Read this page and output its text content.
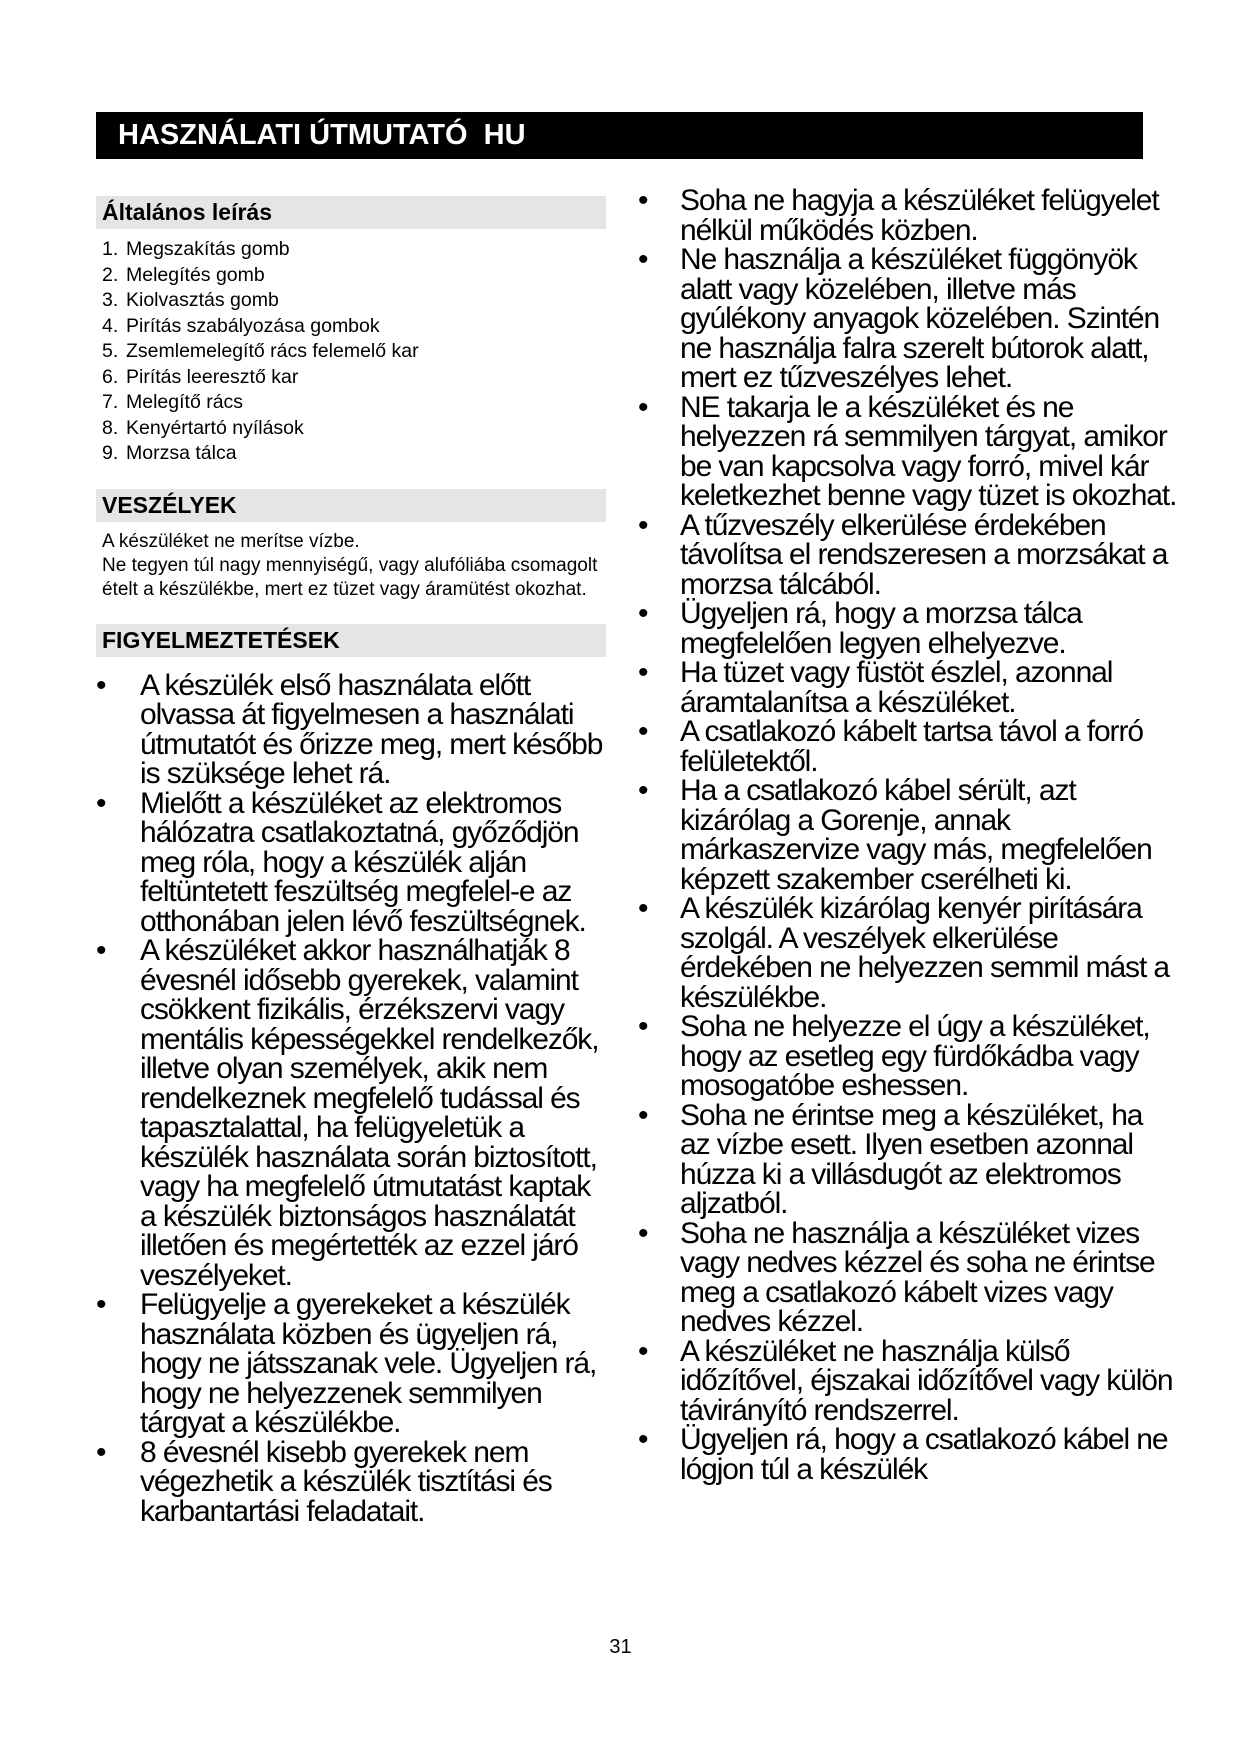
HASZNÁLATI ÚTMUTATÓ  HU
Általános leírás
1. Megszakítás gomb
2. Melegítés gomb
3. Kiolvasztás gomb
4. Pirítás szabályozása gombok
5. Zsemlemelegítő rács felemelő kar
6. Pirítás leeresztő kar
7. Melegítő rács
8. Kenyértartó nyílások
9. Morzsa tálca
VESZÉLYEK

A készüléket ne merítse vízbe.

Ne tegyen túl nagy mennyiségű, vagy alufóliába csomagolt ételt a készülékbe, mert ez tüzet vagy áramütést okozhat.

FIGYELMEZTETÉSEK
•	A készülék első használata előtt olvassa át figyelmesen a használati útmutatót és őrizze meg, mert később is szüksége lehet rá.
•	Mielőtt a készüléket az elektromos hálózatra csatlakoztatná, győződjön meg róla, hogy a készülék alján feltüntetett feszültség megfelel-e az otthonában jelen lévő feszültségnek.
•	A készüléket akkor használhatják 8 évesnél idősebb gyerekek, valamint csökkent fizikális, érzékszervi vagy mentális képességekkel rendelkezők, illetve olyan személyek, akik nem rendelkeznek megfelelő tudással és tapasztalattal, ha felügyeletük a készülék használata során biztosított, vagy ha megfelelő útmutatást kaptak a készülék biztonságos használatát illetően és megértették az ezzel járó veszélyeket.
•	Felügyelje a gyerekeket a készülék használata közben és ügyeljen rá, hogy ne játsszanak vele. Ügyeljen rá, hogy ne helyezzenek semmilyen tárgyat a készülékbe.
•	8 évesnél kisebb gyerekek nem végezhetik a készülék tisztítási és karbantartási feladatait.
•	Soha ne hagyja a készüléket felügyelet nélkül működés közben.
•	Ne használja a készüléket függönyök alatt vagy közelében, illetve más gyúlékony anyagok közelében. Szintén ne használja falra szerelt bútorok alatt, mert ez tűzveszélyes lehet.
•	NE takarja le a készüléket és ne helyezzen rá semmilyen tárgyat, amikor be van kapcsolva vagy forró, mivel kár keletkezhet benne vagy tüzet is okozhat.
•	A tűzveszély elkerülése érdekében távolítsa el rendszeresen a morzsákat a morzsa tálcából.
•	Ügyeljen rá, hogy a morzsa tálca megfelelően legyen elhelyezve.
•	Ha tüzet vagy füstöt észlel, azonnal áramtalanítsa a készüléket.
•	A csatlakozó kábelt tartsa távol a forró felületektől.
•	Ha a csatlakozó kábel sérült, azt kizárólag a Gorenje, annak márkaszervize vagy más, megfelelően képzett szakember cserélheti ki.
•	A készülék kizárólag kenyér pirítására szolgál. A veszélyek elkerülése érdekében ne helyezzen semmil mást a készülékbe.
•	Soha ne helyezze el úgy a készüléket, hogy az esetleg egy fürdőkádba vagy mosogatóbe eshessen.
•	Soha ne érintse meg a készüléket, ha az vízbe esett. Ilyen esetben azonnal húzza ki a villásdugót az elektromos aljzatból.
•	Soha ne használja a készüléket vizes vagy nedves kézzel és soha ne érintse meg a csatlakozó kábelt vizes vagy nedves kézzel.
•	A készüléket ne használja külső időzítővel, éjszakai időzítővel vagy külön távirányító rendszerrel.
•	Ügyeljen rá, hogy a csatlakozó kábel ne lógjon túl a készülék
31
